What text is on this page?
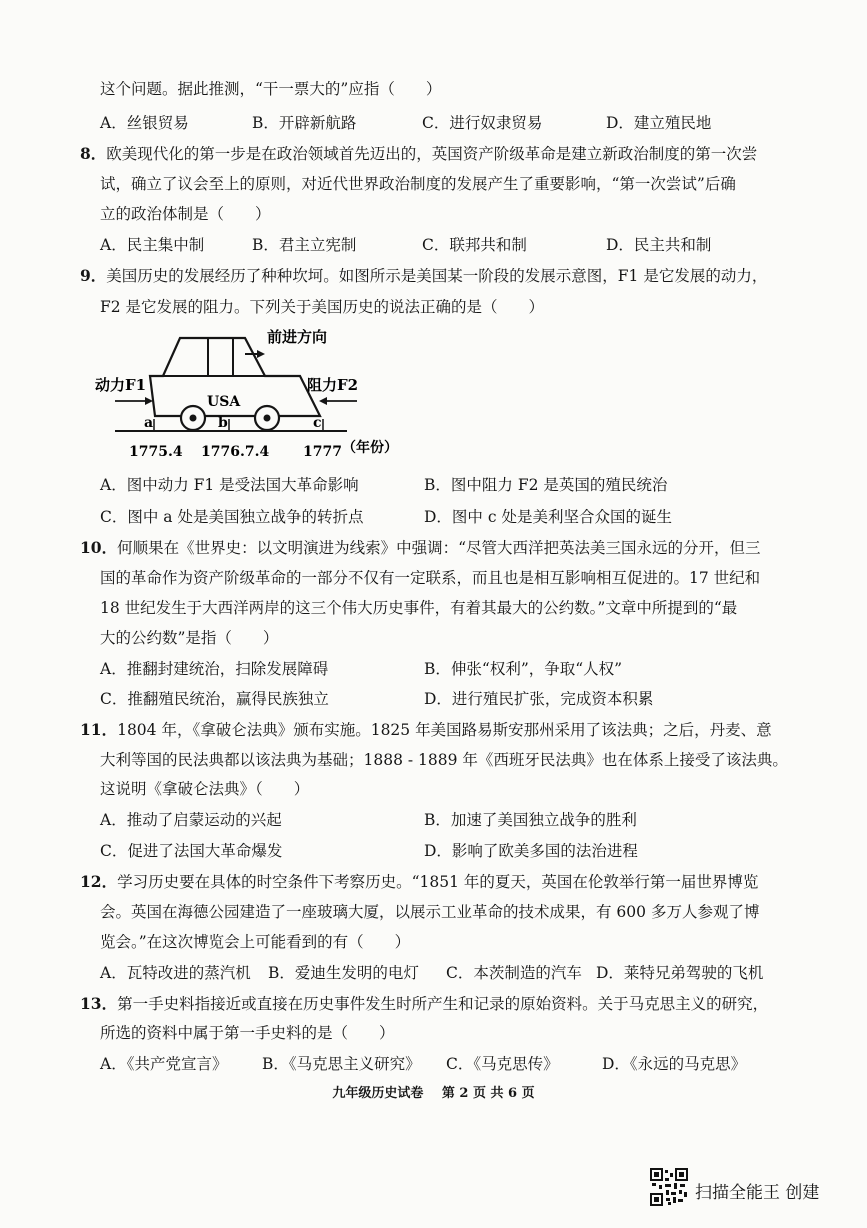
这个问题。据此推测，“干一票大的”应指（　　）
A．丝银贸易	B．开辟新航路	C．进行奴隶贸易	D．建立殖民地
8．欧美现代化的第一步是在政治领域首先迈出的，英国资产阶级革命是建立新政治制度的第一次尝
试，确立了议会至上的原则，对近代世界政治制度的发展产生了重要影响，“第一次尝试”后确
立的政治体制是（　　）
A．民主集中制	B．君主立宪制	C．联邦共和制	D．民主共和制
9．美国历史的发展经历了种种坎坷。如图所示是美国某一阶段的发展示意图，F1 是它发展的动力，
F2 是它发展的阻力。下列关于美国历史的说法正确的是（　　）
前进方向
动力F1	阻力F2
USA
a	b	c
1775.4 1776.7.4 1777 （年份）
A．图中动力 F1 是受法国大革命影响	B．图中阻力 F2 是英国的殖民统治
C．图中 a 处是美国独立战争的转折点	D．图中 c 处是美利坚合众国的诞生
10．何顺果在《世界史：以文明演进为线索》中强调：“尽管大西洋把英法美三国永远的分开，但三
国的革命作为资产阶级革命的一部分不仅有一定联系，而且也是相互影响相互促进的。17 世纪和
18 世纪发生于大西洋两岸的这三个伟大历史事件，有着其最大的公约数。”文章中所提到的“最
大的公约数”是指（　　）
A．推翻封建统治，扫除发展障碍	B．伸张“权利”，争取“人权”
C．推翻殖民统治，赢得民族独立	D．进行殖民扩张，完成资本积累
11．1804 年，《拿破仑法典》颁布实施。1825 年美国路易斯安那州采用了该法典；之后，丹麦、意
大利等国的民法典都以该法典为基础；1888 - 1889 年《西班牙民法典》也在体系上接受了该法典。
这说明《拿破仑法典》（　　）
A．推动了启蒙运动的兴起	B．加速了美国独立战争的胜利
C．促进了法国大革命爆发	D．影响了欧美多国的法治进程
12．学习历史要在具体的时空条件下考察历史。“1851 年的夏天，英国在伦敦举行第一届世界博览
会。英国在海德公园建造了一座玻璃大厦，以展示工业革命的技术成果，有 600 多万人参观了博
览会。”在这次博览会上可能看到的有（　　）
A．瓦特改进的蒸汽机 B．爱迪生发明的电灯 C．本茨制造的汽车 D．莱特兄弟驾驶的飞机
13．第一手史料指接近或直接在历史事件发生时所产生和记录的原始资料。关于马克思主义的研究，
所选的资料中属于第一手史料的是（　　）
A．《共产党宣言》 B．《马克思主义研究》 C．《马克思传》	D．《永远的马克思》
九年级历史试卷 第 2 页 共 6 页
扫描全能王 创建
